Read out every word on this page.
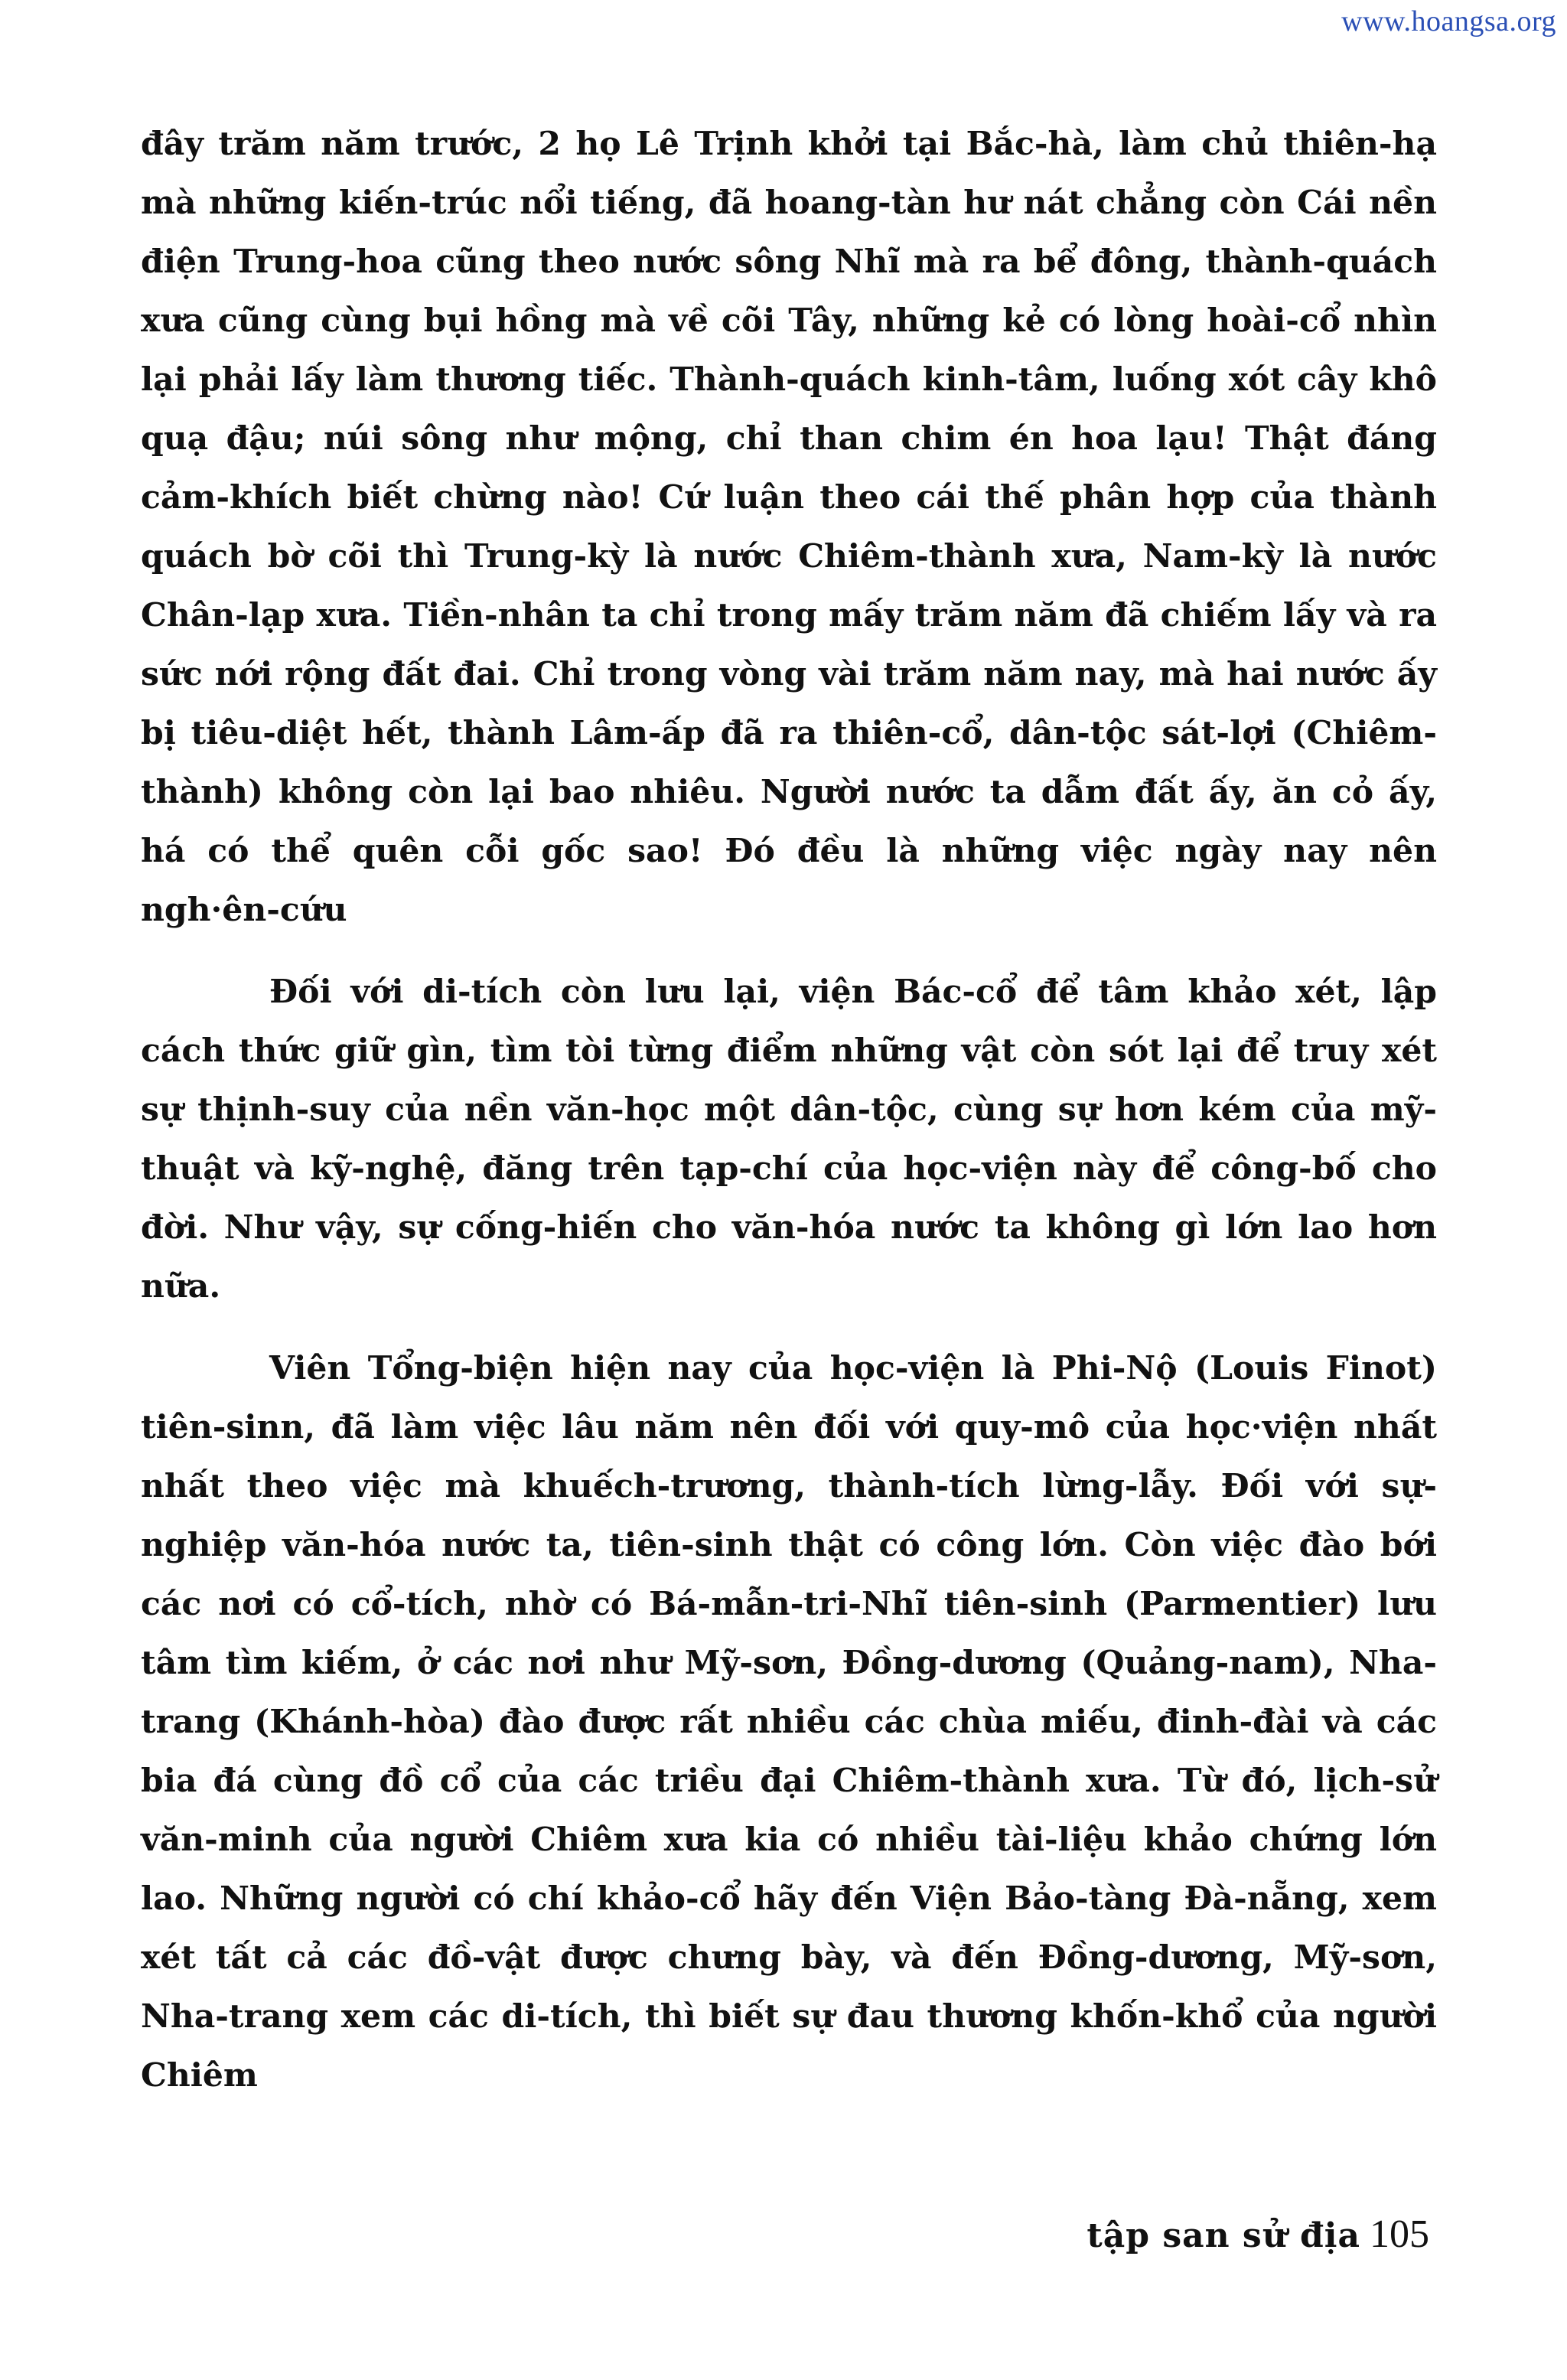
www.hoangsa.org

đây trăm năm trước, 2 họ Lê Trịnh khởi tại Bắc-hà, làm chủ thiên-hạ mà những kiến-trúc nổi tiếng, đã hoang-tàn hư nát chẳng còn Cái nền điện Trung-hoa cũng theo nước sông Nhĩ mà ra bể đông, thành-quách xưa cũng cùng bụi hồng mà về cõi Tây, những kẻ có lòng hoài-cổ nhìn lại phải lấy làm thương tiếc. Thành-quách kinh-tâm, luống xót cây khô quạ đậu; núi sông như mộng, chỉ than chim én hoa lạu! Thật đáng cảm-khích biết chừng nào! Cứ luận theo cái thế phân hợp của thành quách bờ cõi thì Trung-kỳ là nước Chiêm-thành xưa, Nam-kỳ là nước Chân-lạp xưa. Tiền-nhân ta chỉ trong mấy trăm năm đã chiếm lấy và ra sức nới rộng đất đai. Chỉ trong vòng vài trăm năm nay, mà hai nước ấy bị tiêu-diệt hết, thành Lâm-ấp đã ra thiên-cổ, dân-tộc sát-lợi (Chiêm-thành) không còn lại bao nhiêu. Người nước ta dẫm đất ấy, ăn cỏ ấy, há có thể quên cỗi gốc sao! Đó đều là những việc ngày nay nên ngh·ên-cứu

Đối với di-tích còn lưu lại, viện Bác-cổ để tâm khảo xét, lập cách thức giữ gìn, tìm tòi từng điểm những vật còn sót lại để truy xét sự thịnh-suy của nền văn-học một dân-tộc, cùng sự hơn kém của mỹ-thuật và kỹ-nghệ, đăng trên tạp-chí của học-viện này để công-bố cho đời. Như vậy, sự cống-hiến cho văn-hóa nước ta không gì lớn lao hơn nữa.

Viên Tổng-biện hiện nay của học-viện là Phi-Nộ (Louis Finot) tiên-sinn, đã làm việc lâu năm nên đối với quy-mô của học·viện nhất nhất theo việc mà khuếch-trương, thành-tích lừng-lẫy. Đối với sự-nghiệp văn-hóa nước ta, tiên-sinh thật có công lớn. Còn việc đào bới các nơi có cổ-tích, nhờ có Bá-mẫn-tri-Nhĩ tiên-sinh (Parmentier) lưu tâm tìm kiếm, ở các nơi như Mỹ-sơn, Đồng-dương (Quảng-nam), Nha-trang (Khánh-hòa) đào được rất nhiều các chùa miếu, đinh-đài và các bia đá cùng đồ cổ của các triều đại Chiêm-thành xưa. Từ đó, lịch-sử văn-minh của người Chiêm xưa kia có nhiều tài-liệu khảo chứng lớn lao. Những người có chí khảo-cổ hãy đến Viện Bảo-tàng Đà-nẵng, xem xét tất cả các đồ-vật được chưng bày, và đến Đồng-dương, Mỹ-sơn, Nha-trang xem các di-tích, thì biết sự đau thương khốn-khổ của người Chiêm

tập san sử địa 105
